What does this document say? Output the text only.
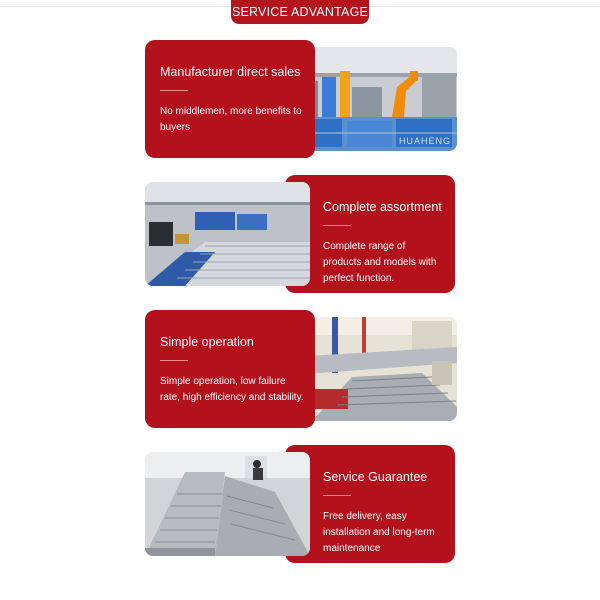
SERVICE ADVANTAGE
HUAHENG
Manufacturer direct sales
No middlemen, more benefits to buyers
Complete assortment
Complete range of products and models with perfect function.
Simple operation
Simple operation, low failure rate, high efficiency and stability.
Service Guarantee
Free delivery, easy installation and long-term maintenance
